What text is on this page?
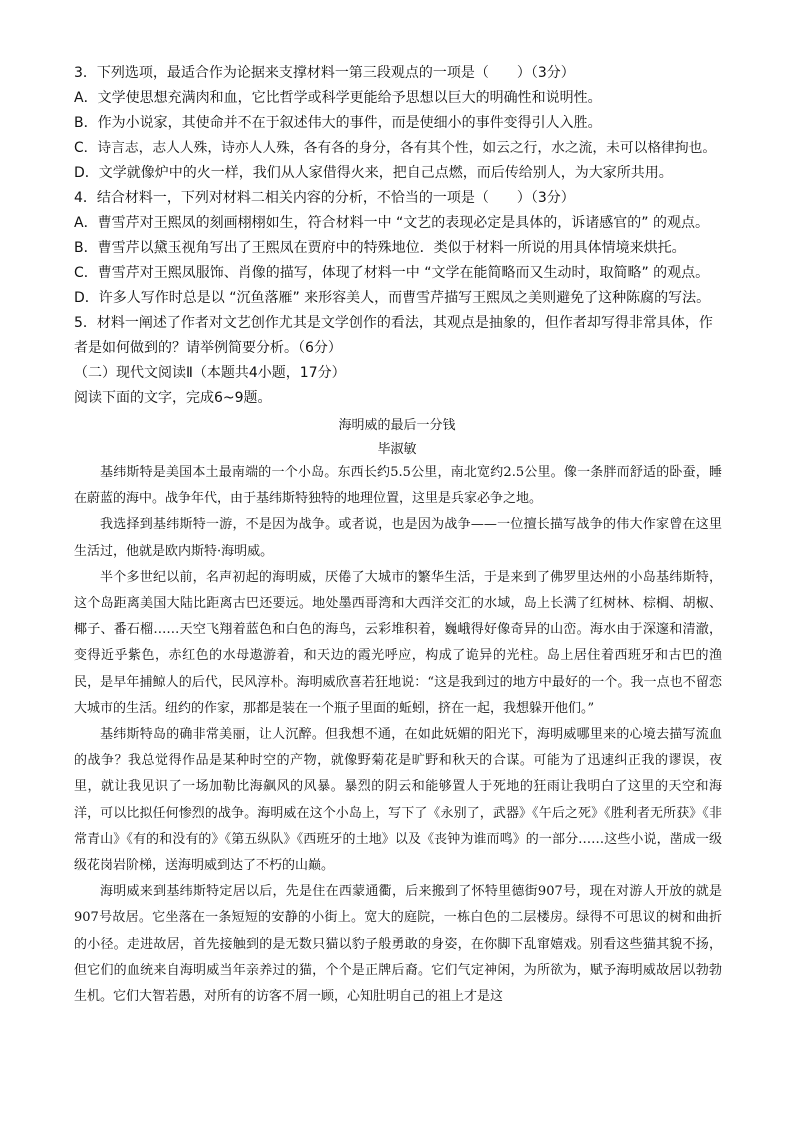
3．下列选项，最适合作为论据来支撑材料一第三段观点的一项是（　　）（3分）
A．文学使思想充满肉和血，它比哲学或科学更能给予思想以巨大的明确性和说明性。
B．作为小说家，其使命并不在于叙述伟大的事件，而是使细小的事件变得引人入胜。
C．诗言志，志人人殊，诗亦人人殊，各有各的身分，各有其个性，如云之行，水之流，未可以格律拘也。
D．文学就像炉中的火一样，我们从人家借得火来，把自己点燃，而后传给别人，为大家所共用。
4．结合材料一，下列对材料二相关内容的分析，不恰当的一项是（　　）（3分）
A．曹雪芹对王熙凤的刻画栩栩如生，符合材料一中 “文艺的表现必定是具体的，诉诸感官的” 的观点。
B．曹雪芹以黛玉视角写出了王熙凤在贾府中的特殊地位．类似于材料一所说的用具体情境来烘托。
C．曹雪芹对王熙凤服饰、肖像的描写，体现了材料一中 “文学在能简略而又生动时，取简略” 的观点。
D．许多人写作时总是以 “沉鱼落雁” 来形容美人，而曹雪芹描写王熙凤之美则避免了这种陈腐的写法。
5．材料一阐述了作者对文艺创作尤其是文学创作的看法，其观点是抽象的，但作者却写得非常具体，作
者是如何做到的？请举例简要分析。（6分）
（二）现代文阅读Ⅱ（本题共4小题，17分）
阅读下面的文字，完成6~9题。
海明威的最后一分钱
毕淑敏

基纬斯特是美国本土最南端的一个小岛。东西长约5.5公里，南北宽约2.5公里。像一条胖而舒适的卧蚕，睡在蔚蓝的海中。战争年代，由于基纬斯特独特的地理位置，这里是兵家必争之地。

我选择到基纬斯特一游，不是因为战争。或者说，也是因为战争——一位擅长描写战争的伟大作家曾在这里生活过，他就是欧内斯特·海明威。

半个多世纪以前，名声初起的海明威，厌倦了大城市的繁华生活，于是来到了佛罗里达州的小岛基纬斯特，这个岛距离美国大陆比距离古巴还要远。地处墨西哥湾和大西洋交汇的水域，岛上长满了红树林、棕榈、胡椒、椰子、番石榴……天空飞翔着蓝色和白色的海鸟，云彩堆积着，巍峨得好像奇异的山峦。海水由于深邃和清澈，变得近乎紫色，赤红色的水母遨游着，和天边的霞光呼应，构成了诡异的光柱。岛上居住着西班牙和古巴的渔民，是早年捕鲸人的后代，民风淳朴。海明威欣喜若狂地说：“这是我到过的地方中最好的一个。我一点也不留恋大城市的生活。纽约的作家，那都是装在一个瓶子里面的蚯蚓，挤在一起，我想躲开他们。”

基纬斯特岛的确非常美丽，让人沉醉。但我想不通，在如此妩媚的阳光下，海明威哪里来的心境去描写流血的战争？我总觉得作品是某种时空的产物，就像野菊花是旷野和秋天的合谋。可能为了迅速纠正我的谬误，夜里，就让我见识了一场加勒比海飙风的风暴。暴烈的阴云和能够置人于死地的狂雨让我明白了这里的天空和海洋，可以比拟任何惨烈的战争。海明威在这个小岛上，写下了《永别了，武器》《午后之死》《胜利者无所获》《非常青山》《有的和没有的》《第五纵队》《西班牙的土地》以及《丧钟为谁而鸣》的一部分……这些小说，凿成一级级花岗岩阶梯，送海明威到达了不朽的山巅。

海明威来到基纬斯特定居以后，先是住在西蒙通衢，后来搬到了怀特里德街907号，现在对游人开放的就是907号故居。它坐落在一条短短的安静的小街上。宽大的庭院，一栋白色的二层楼房。绿得不可思议的树和曲折的小径。走进故居，首先接触到的是无数只猫以豹子般勇敢的身姿，在你脚下乱窜嬉戏。别看这些猫其貌不扬，但它们的血统来自海明威当年亲养过的猫，个个是正牌后裔。它们气定神闲，为所欲为，赋予海明威故居以勃勃生机。它们大智若愚，对所有的访客不屑一顾，心知肚明自己的祖上才是这
